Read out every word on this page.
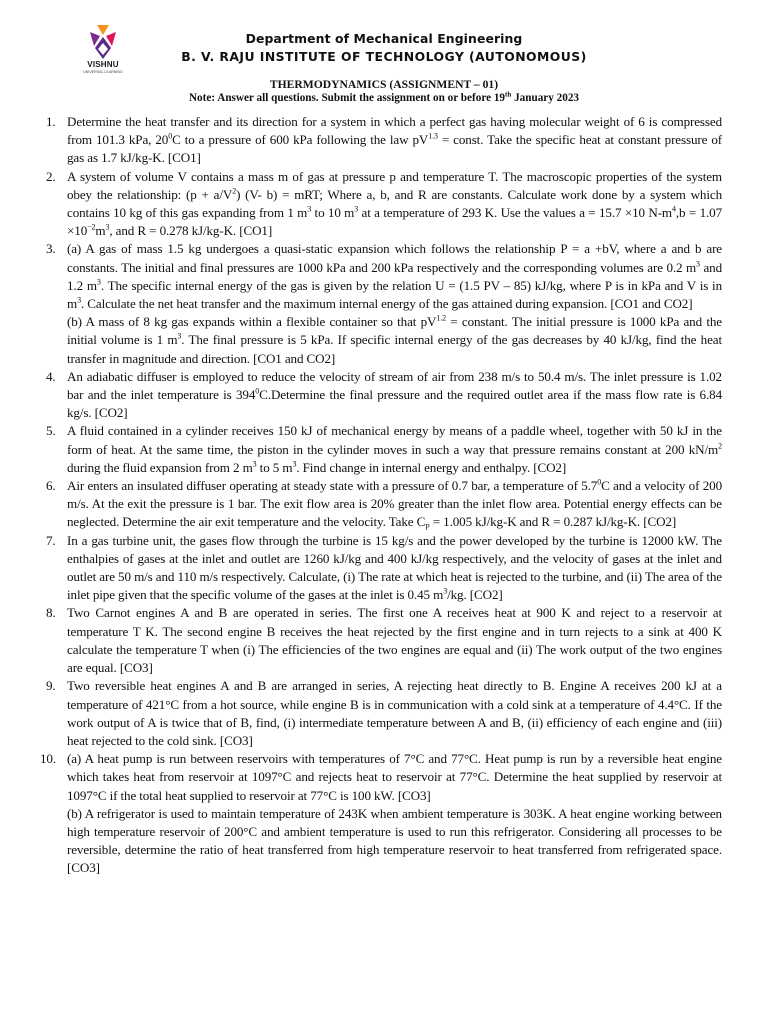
VISHNU
UNIVERSAL LEARNING
Department of Mechanical Engineering
B. V. RAJU INSTITUTE OF TECHNOLOGY (AUTONOMOUS)
THERMODYNAMICS (ASSIGNMENT – 01)
Note: Answer all questions. Submit the assignment on or before 19th January 2023
1. Determine the heat transfer and its direction for a system in which a perfect gas having molecular weight of 6 is compressed from 101.3 kPa, $20^0C$ to a pressure of 600 kPa following the law $pV^{1.3}$ = const. Take the specific heat at constant pressure of gas as 1.7 kJ/kg-K. [CO1]

2. A system of volume V contains a mass m of gas at pressure p and temperature T. The macroscopic properties of the system obey the relationship: $(p + a/V^2)$ (V- b) = mRT; Where a, b, and R are constants. Calculate work done by a system which contains 10 kg of this gas expanding from 1 $m^3$ to 10 $m^3$ at a temperature of 293 K. Use the values a = 15.7 ×10 $N-m^4,b = 1.07 \times 10^{-2}m^3$, and R = 0.278 kJ/kg-K. [CO1]

3. (a) A gas of mass 1.5 kg undergoes a quasi-static expansion which follows the relationship P = a +bV, where a and b are constants. The initial and final pressures are 1000 kPa and 200 kPa respectively and the corresponding volumes are 0.2 $m^3$ and 1.2 $m^3$. The specific internal energy of the gas is given by the relation U = (1.5 PV – 85) kJ/kg, where P is in kPa and V is in $m^3$. Calculate the net heat transfer and the maximum internal energy of the gas attained during expansion. [CO1 and CO2]

(b) A mass of 8 kg gas expands within a flexible container so that $pV^{1.2}$ = constant. The initial pressure is 1000 kPa and the initial volume is 1 $m^3$. The final pressure is 5 kPa. If specific internal energy of the gas decreases by 40 kJ/kg, find the heat transfer in magnitude and direction. [CO1 and CO2]

4. An adiabatic diffuser is employed to reduce the velocity of stream of air from 238 m/s to 50.4 m/s. The inlet pressure is 1.02 bar and the inlet temperature is $394^0C.Determine$ the final pressure and the required outlet area if the mass flow rate is 6.84 kg/s. [CO2]

5. A fluid contained in a cylinder receives 150 kJ of mechanical energy by means of a paddle wheel, together with 50 kJ in the form of heat. At the same time, the piston in the cylinder moves in such a way that pressure remains constant at 200 $kN/m^2$ during the fluid expansion from 2 $m^3$ to 5 $m^3$. Find change in internal energy and enthalpy. [CO2]

6. Air enters an insulated diffuser operating at steady state with a pressure of 0.7 bar, a temperature of $5.7^0C$ and a velocity of 200 m/s. At the exit the pressure is 1 bar. The exit flow area is 20% greater than the inlet flow area. Potential energy effects can be neglected. Determine the air exit temperature and the velocity. Take $C_P = 1.005$ kJ/kg-K and R = 0.287 kJ/kg-K. [CO2]

7. In a gas turbine unit, the gases flow through the turbine is 15 kg/s and the power developed by the turbine is 12000 kW. The enthalpies of gases at the inlet and outlet are 1260 kJ/kg and 400 kJ/kg respectively, and the velocity of gases at the inlet and outlet are 50 m/s and 110 m/s respectively. Calculate, (i) The rate at which heat is rejected to the turbine, and (ii) The area of the inlet pipe given that the specific volume of the gases at the inlet is 0.45 $m^3/kg$. [CO2]

8. Two Carnot engines A and B are operated in series. The first one A receives heat at 900 K and reject to a reservoir at temperature T K. The second engine B receives the heat rejected by the first engine and in turn rejects to a sink at 400 K calculate the temperature T when (i) The efficiencies of the two engines are equal and (ii) The work output of the two engines are equal. [CO3]

9. Two reversible heat engines A and B are arranged in series, A rejecting heat directly to B. Engine A receives 200 kJ at a temperature of 421°C from a hot source, while engine B is in communication with a cold sink at a temperature of 4.4°C. If the work output of A is twice that of B, find, (i) intermediate temperature between A and B, (ii) efficiency of each engine and (iii) heat rejected to the cold sink. [CO3]

10. (a) A heat pump is run between reservoirs with temperatures of 7°C and 77°C. Heat pump is run by a reversible heat engine which takes heat from reservoir at 1097°C and rejects heat to reservoir at 77°C. Determine the heat supplied by reservoir at 1097°C if the total heat supplied to reservoir at 77°C is 100 kW. [CO3]

(b) A refrigerator is used to maintain temperature of 243K when ambient temperature is 303K. A heat engine working between high temperature reservoir of 200°C and ambient temperature is used to run this refrigerator. Considering all processes to be reversible, determine the ratio of heat transferred from high temperature reservoir to heat transferred from refrigerated space. [CO3]
